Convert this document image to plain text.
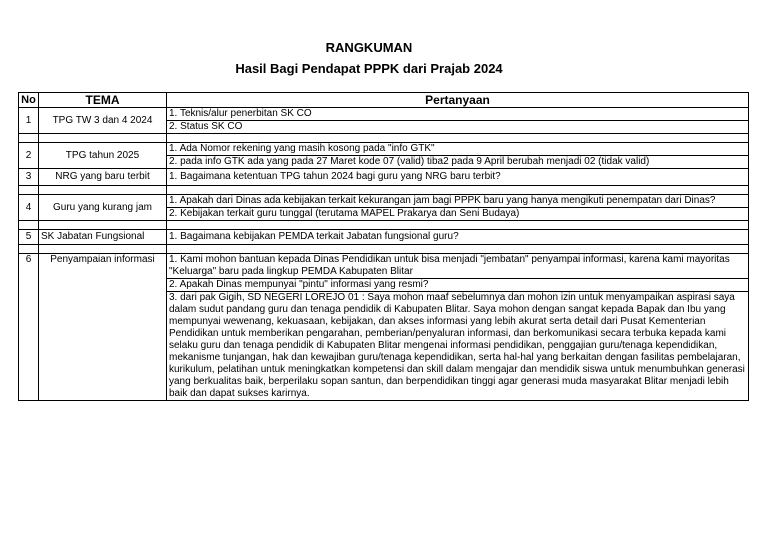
RANGKUMAN
Hasil Bagi Pendapat PPPK dari Prajab 2024
No	TEMA	Pertanyaan
1	TPG TW 3 dan 4 2024	1. Teknis/alur penerbitan SK CO
		2. Status SK CO

2	TPG tahun 2025	1. Ada Nomor rekening yang masih kosong pada "info GTK"
		2. pada info GTK ada yang pada 27 Maret kode 07 (valid) tiba2 pada 9 April berubah menjadi 02 (tidak valid)
3	NRG yang baru terbit	1. Bagaimana ketentuan TPG tahun 2024 bagi guru yang NRG baru terbit?

4	Guru yang kurang jam	1. Apakah dari Dinas ada kebijakan terkait kekurangan jam bagi PPPK baru yang hanya mengikuti penempatan dari Dinas?
		2. Kebijakan terkait guru tunggal (terutama MAPEL Prakarya dan Seni Budaya)

5	SK Jabatan Fungsional	1. Bagaimana kebijakan PEMDA terkait Jabatan fungsional guru?

6	Penyampaian informasi	1. Kami mohon bantuan kepada Dinas Pendidikan untuk bisa menjadi "jembatan" penyampai informasi, karena kami mayoritas "Keluarga" baru pada lingkup PEMDA Kabupaten Blitar
		2. Apakah Dinas mempunyai "pintu" informasi yang resmi?
		3. dari pak Gigih, SD NEGERI LOREJO 01 : Saya mohon maaf sebelumnya dan mohon izin untuk menyampaikan aspirasi saya dalam sudut pandang guru dan tenaga pendidik di Kabupaten Blitar. Saya mohon dengan sangat kepada Bapak dan Ibu yang mempunyai wewenang, kekuasaan, kebijakan, dan akses informasi yang lebih akurat serta detail dari Pusat Kementerian Pendidikan untuk memberikan pengarahan, pemberian/penyaluran informasi, dan berkomunikasi secara terbuka kepada kami selaku guru dan tenaga pendidik di Kabupaten Blitar mengenai informasi pendidikan, penggajian guru/tenaga kependidikan, mekanisme tunjangan, hak dan kewajiban guru/tenaga kependidikan, serta hal-hal yang berkaitan dengan fasilitas pembelajaran, kurikulum, pelatihan untuk meningkatkan kompetensi dan skill dalam mengajar dan mendidik siswa untuk menumbuhkan generasi yang berkualitas baik, berperilaku sopan santun, dan berpendidikan tinggi agar generasi muda masyarakat Blitar menjadi lebih baik dan dapat sukses karirnya.
